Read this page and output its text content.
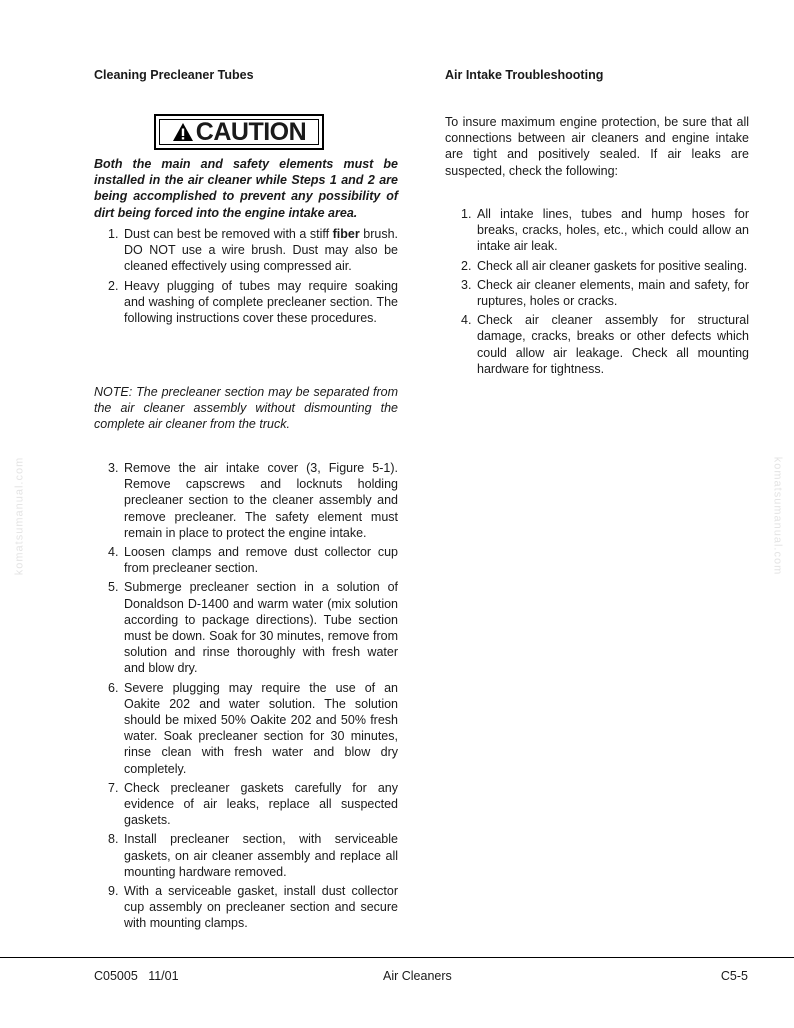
Cleaning Precleaner Tubes
CAUTION

Both the main and safety elements must be installed in the air cleaner while Steps 1 and 2 are being accomplished to prevent any possibility of dirt being forced into the engine intake area.

1. Dust can best be removed with a stiff fiber brush. DO NOT use a wire brush. Dust may also be cleaned effectively using compressed air.
2. Heavy plugging of tubes may require soaking and washing of complete precleaner section. The following instructions cover these procedures.

NOTE: The precleaner section may be separated from the air cleaner assembly without dismounting the complete air cleaner from the truck.

3. Remove the air intake cover (3, Figure 5-1). Remove capscrews and locknuts holding precleaner section to the cleaner assembly and remove precleaner. The safety element must remain in place to protect the engine intake.
4. Loosen clamps and remove dust collector cup from precleaner section.
5. Submerge precleaner section in a solution of Donaldson D-1400 and warm water (mix solution according to package directions). Tube section must be down. Soak for 30 minutes, remove from solution and rinse thoroughly with fresh water and blow dry.
6. Severe plugging may require the use of an Oakite 202 and water solution. The solution should be mixed 50% Oakite 202 and 50% fresh water. Soak precleaner section for 30 minutes, rinse clean with fresh water and blow dry completely.
7. Check precleaner gaskets carefully for any evidence of air leaks, replace all suspected gaskets.
8. Install precleaner section, with serviceable gaskets, on air cleaner assembly and replace all mounting hardware removed.
9. With a serviceable gasket, install dust collector cup assembly on precleaner section and secure with mounting clamps.
Air Intake Troubleshooting

To insure maximum engine protection, be sure that all connections between air cleaners and engine intake are tight and positively sealed. If air leaks are suspected, check the following:

1. All intake lines, tubes and hump hoses for breaks, cracks, holes, etc., which could allow an intake air leak.
2. Check all air cleaner gaskets for positive sealing.
3. Check air cleaner elements, main and safety, for ruptures, holes or cracks.
4. Check air cleaner assembly for structural damage, cracks, breaks or other defects which could allow air leakage. Check all mounting hardware for tightness.
komatsumanual.com	komatsumanual.com
C05005   11/01	Air Cleaners	C5-5
